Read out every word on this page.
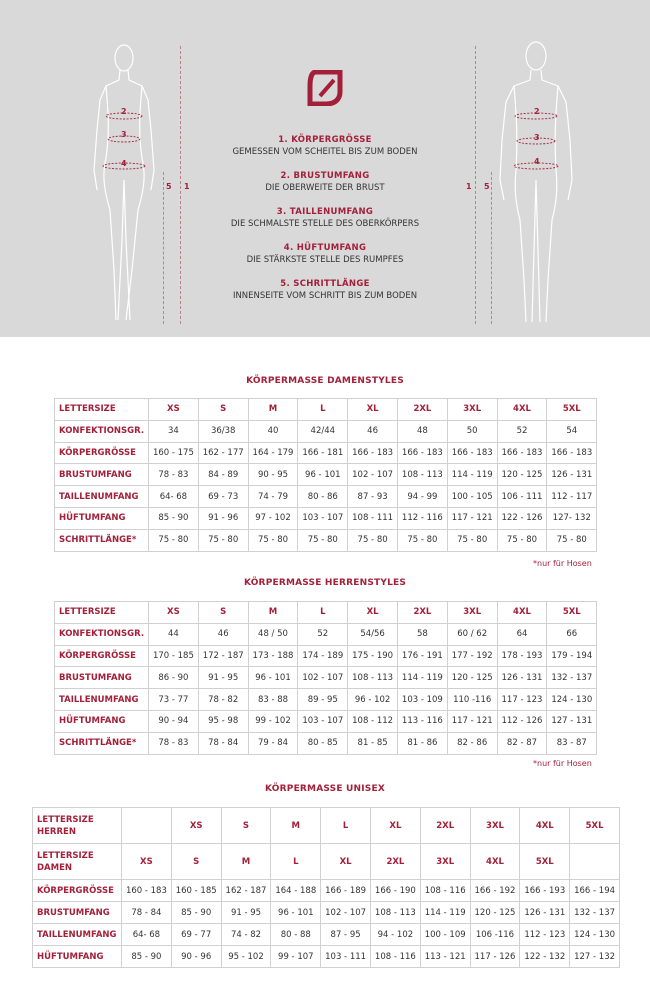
2
3
4
5 1
1. KÖRPERGRÖSSE
GEMESSEN VOM SCHEITEL BIS ZUM BODEN
2. BRUSTUMFANG
DIE OBERWEITE DER BRUST
3. TAILLENUMFANG
DIE SCHMALSTE STELLE DES OBERKÖRPERS
4. HÜFTUMFANG
DIE STÄRKSTE STELLE DES RUMPFES
5. SCHRITTLÄNGE
INNENSEITE VOM SCHRITT BIS ZUM BODEN
2
3
4
1 5
KÖRPERMASSE DAMENSTYLES
LETTERSIZE	XS	S	M	L	XL	2XL	3XL	4XL	5XL
KONFEKTIONSGR.	34	36/38	40	42/44	46	48	50	52	54
KÖRPERGRÖSSE	160 - 175	162 - 177	164 - 179	166 - 181	166 - 183	166 - 183	166 - 183	166 - 183	166 - 183
BRUSTUMFANG	78 - 83	84 - 89	90 - 95	96 - 101	102 - 107	108 - 113	114 - 119	120 - 125	126 - 131
TAILLENUMFANG	64- 68	69 - 73	74 - 79	80 - 86	87 - 93	94 - 99	100 - 105	106 - 111	112 - 117
HÜFTUMFANG	85 - 90	91 - 96	97 - 102	103 - 107	108 - 111	112 - 116	117 - 121	122 - 126	127- 132
SCHRITTLÄNGE*	75 - 80	75 - 80	75 - 80	75 - 80	75 - 80	75 - 80	75 - 80	75 - 80	75 - 80
*nur für Hosen
KÖRPERMASSE HERRENSTYLES
LETTERSIZE	XS	S	M	L	XL	2XL	3XL	4XL	5XL
KONFEKTIONSGR.	44	46	48 / 50	52	54/56	58	60 / 62	64	66
KÖRPERGRÖSSE	170 - 185	172 - 187	173 - 188	174 - 189	175 - 190	176 - 191	177 - 192	178 - 193	179 - 194
BRUSTUMFANG	86 - 90	91 - 95	96 - 101	102 - 107	108 - 113	114 - 119	120 - 125	126 - 131	132 - 137
TAILLENUMFANG	73 - 77	78 - 82	83 - 88	89 - 95	96 - 102	103 - 109	110 -116	117 - 123	124 - 130
HÜFTUMFANG	90 - 94	95 - 98	99 - 102	103 - 107	108 - 112	113 - 116	117 - 121	112 - 126	127 - 131
SCHRITTLÄNGE*	78 - 83	78 - 84	79 - 84	80 - 85	81 - 85	81 - 86	82 - 86	82 - 87	83 - 87
*nur für Hosen
KÖRPERMASSE UNISEX
LETTERSIZE
HERREN		XS	S	M	L	XL	2XL	3XL	4XL	5XL

LETTERSIZE
DAMEN	XS	S	M	L	XL	2XL	3XL	4XL	5XL	
KÖRPERGRÖSSE	160 - 183	160 - 185	162 - 187	164 - 188	166 - 189	166 - 190	108 - 116	166 - 192	166 - 193	166 - 194
BRUSTUMFANG	78 - 84	85 - 90	91 - 95	96 - 101	102 - 107	108 - 113	114 - 119	120 - 125	126 - 131	132 - 137
TAILLENUMFANG	64- 68	69 - 77	74 - 82	80 - 88	87 - 95	94 - 102	100 - 109	106 -116	112 - 123	124 - 130
HÜFTUMFANG	85 - 90	90 - 96	95 - 102	99 - 107	103 - 111	108 - 116	113 - 121	117 - 126	122 - 132	127 - 132
